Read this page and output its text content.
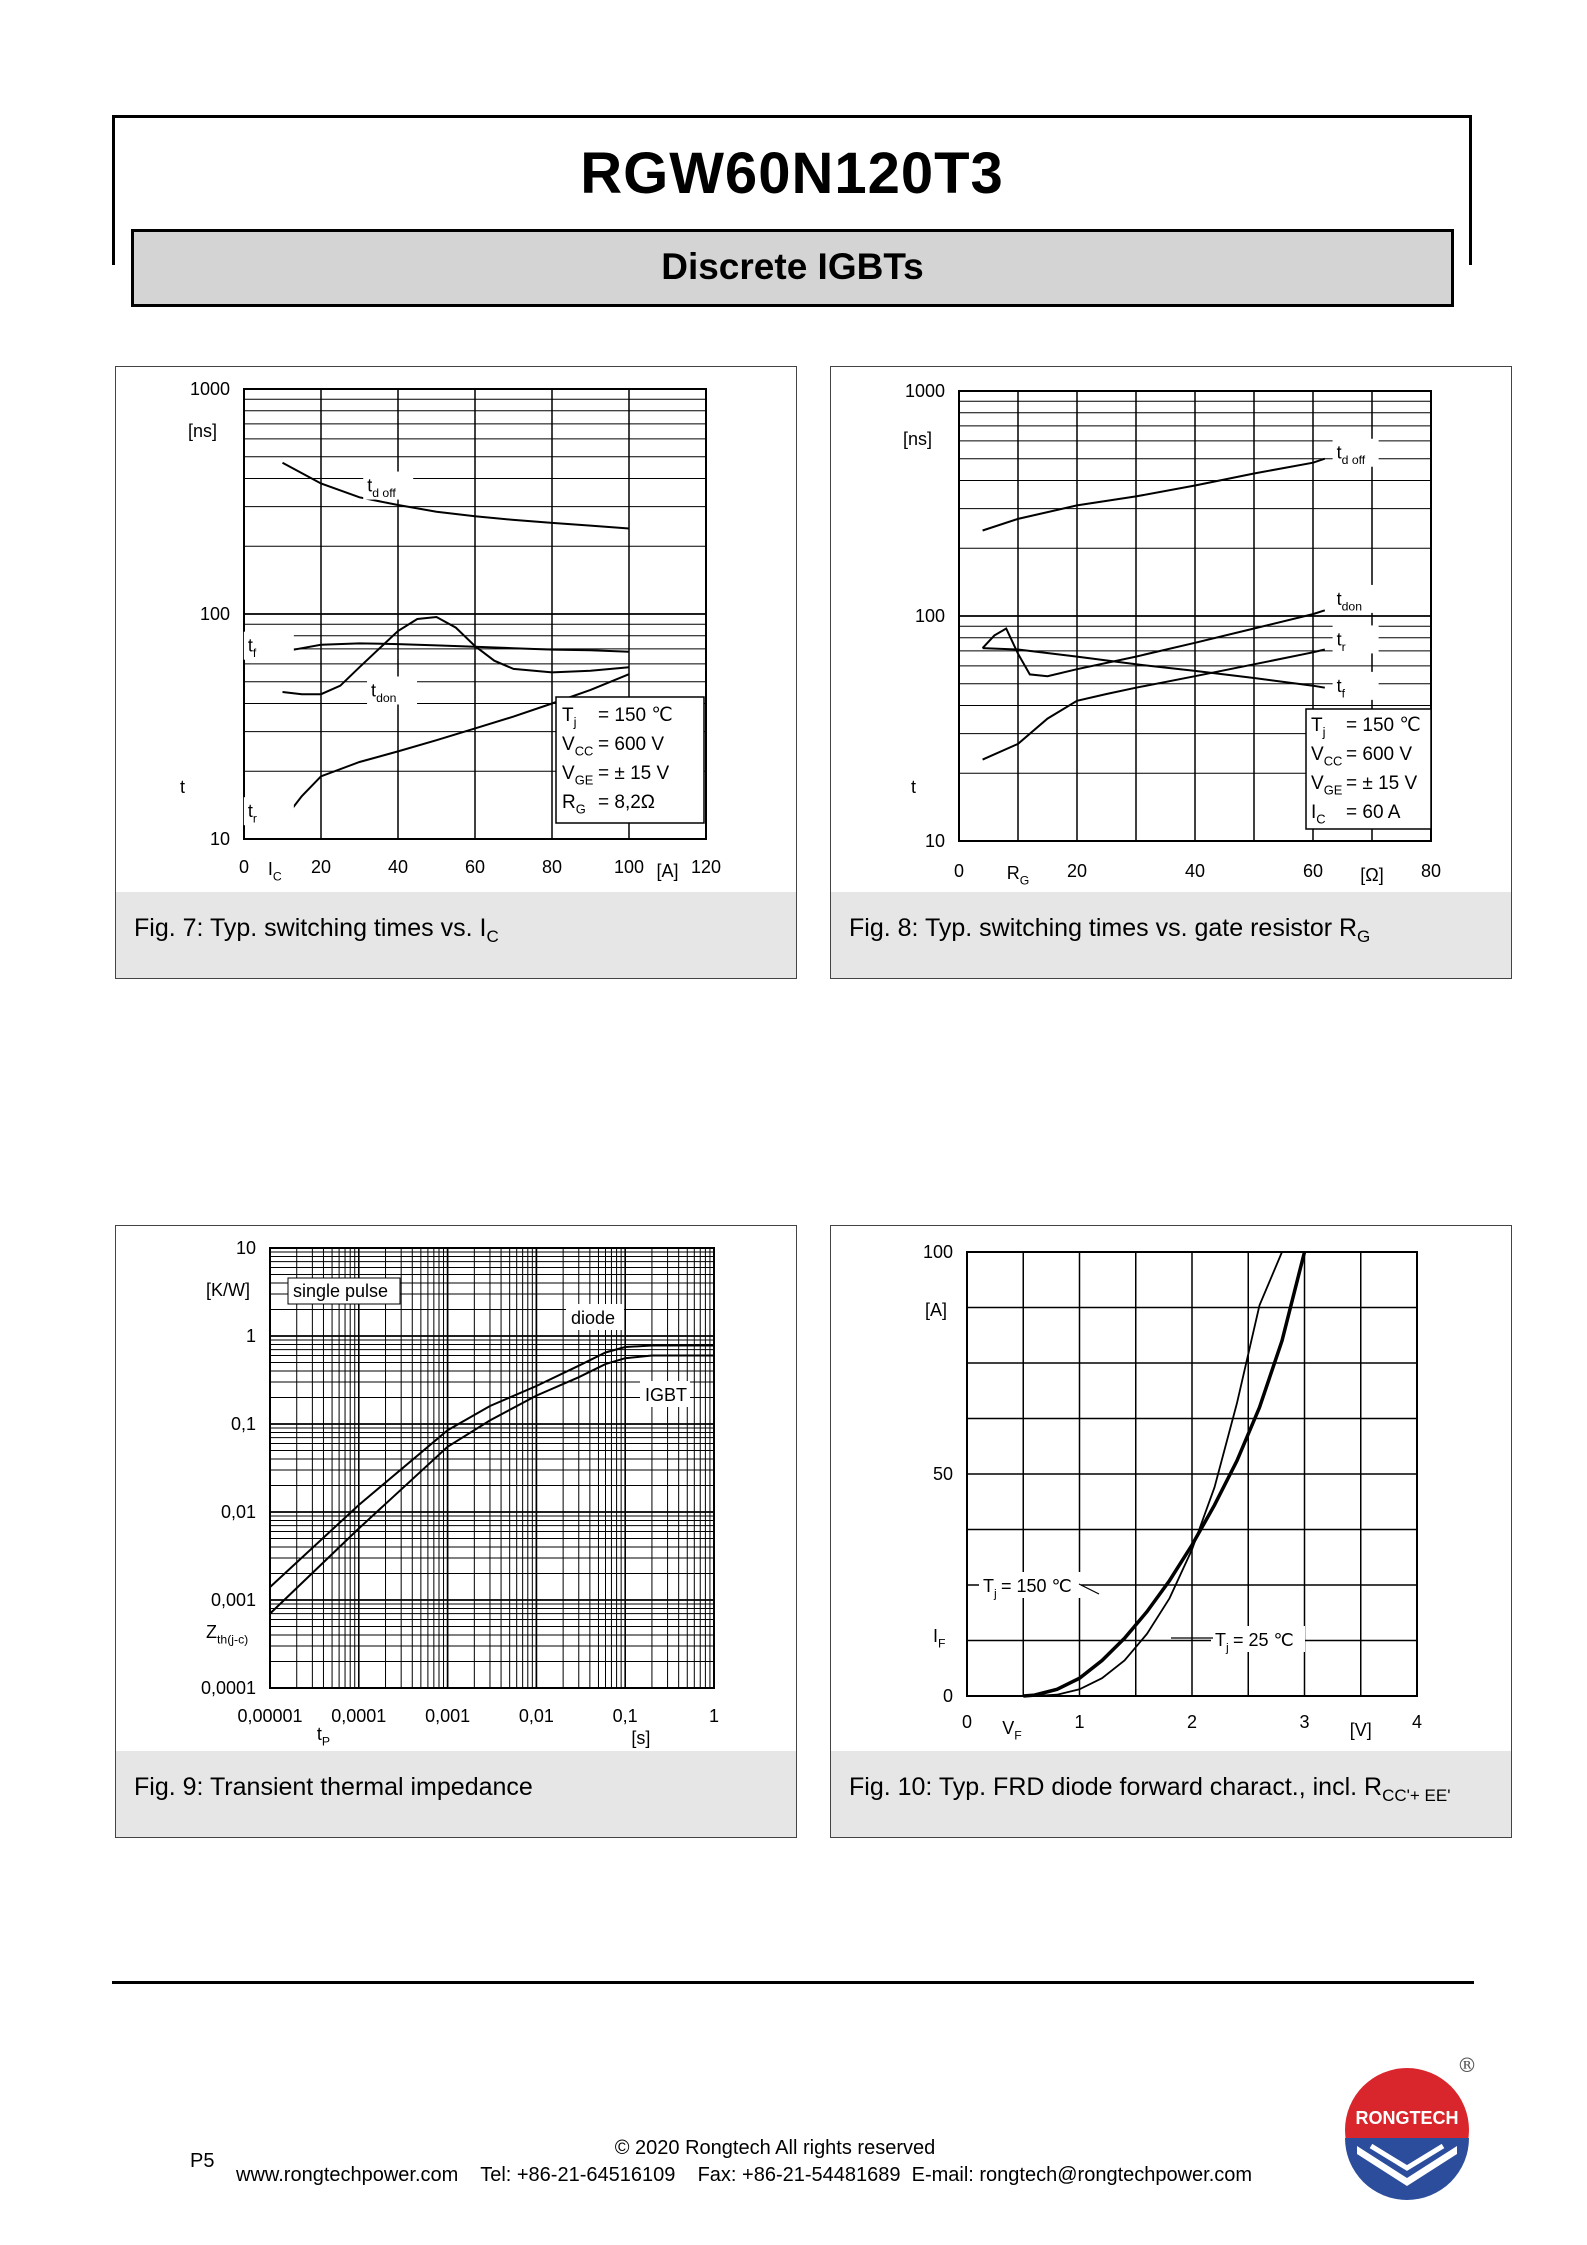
RGW60N120T3
Discrete IGBTs
10
100
1000
0	20	40	60	80	100	120
[ns]
t
$I_C$	[A]
$t_{d off}$
$t_f$
$t_{don}$
$t_r$
$T_j = 150$ ℃
$V_{CC} = 600$ V
$V_{GE}$ = ± 15 V
$R_G = 8,2\Omega$
Fig. 7: Typ. switching times vs. $I_C$
10
100
1000
0	20	40	60	80
[ns]
t
$R_G$	[Ω]
$t_{d off}$
$t_{don}$
$t_r$
$t_f$
$T_j = 150$ ℃
$V_{CC} = 600$ V
$V_{GE}$ = ± 15 V
$I_C = 60$ A
Fig. 8: Typ. switching times vs. gate resistor $R_G$
0,0001
0,001
0,01
0,1
1
10
0,00001 0,0001 0,001	0,01	0,1	1
[K/W]
$Z_{th(j-c)}$
$t_P$	[s]
single pulse
diode
IGBT
Fig. 9: Transient thermal impedance
0
50
100
0	1	2	3	4
[A]
$I_F$
$V_F$	[V]
$T_j = 150$ ℃
$T_j = 25$ ℃
Fig. 10: Typ. FRD diode forward charact., incl. $R_{CC'+ EE'}$
P5
© 2020 Rongtech All rights reserved
www.rongtechpower.com    Tel: +86-21-64516109    Fax: +86-21-54481689  E-mail: rongtech@rongtechpower.com
RONGTECH
®
